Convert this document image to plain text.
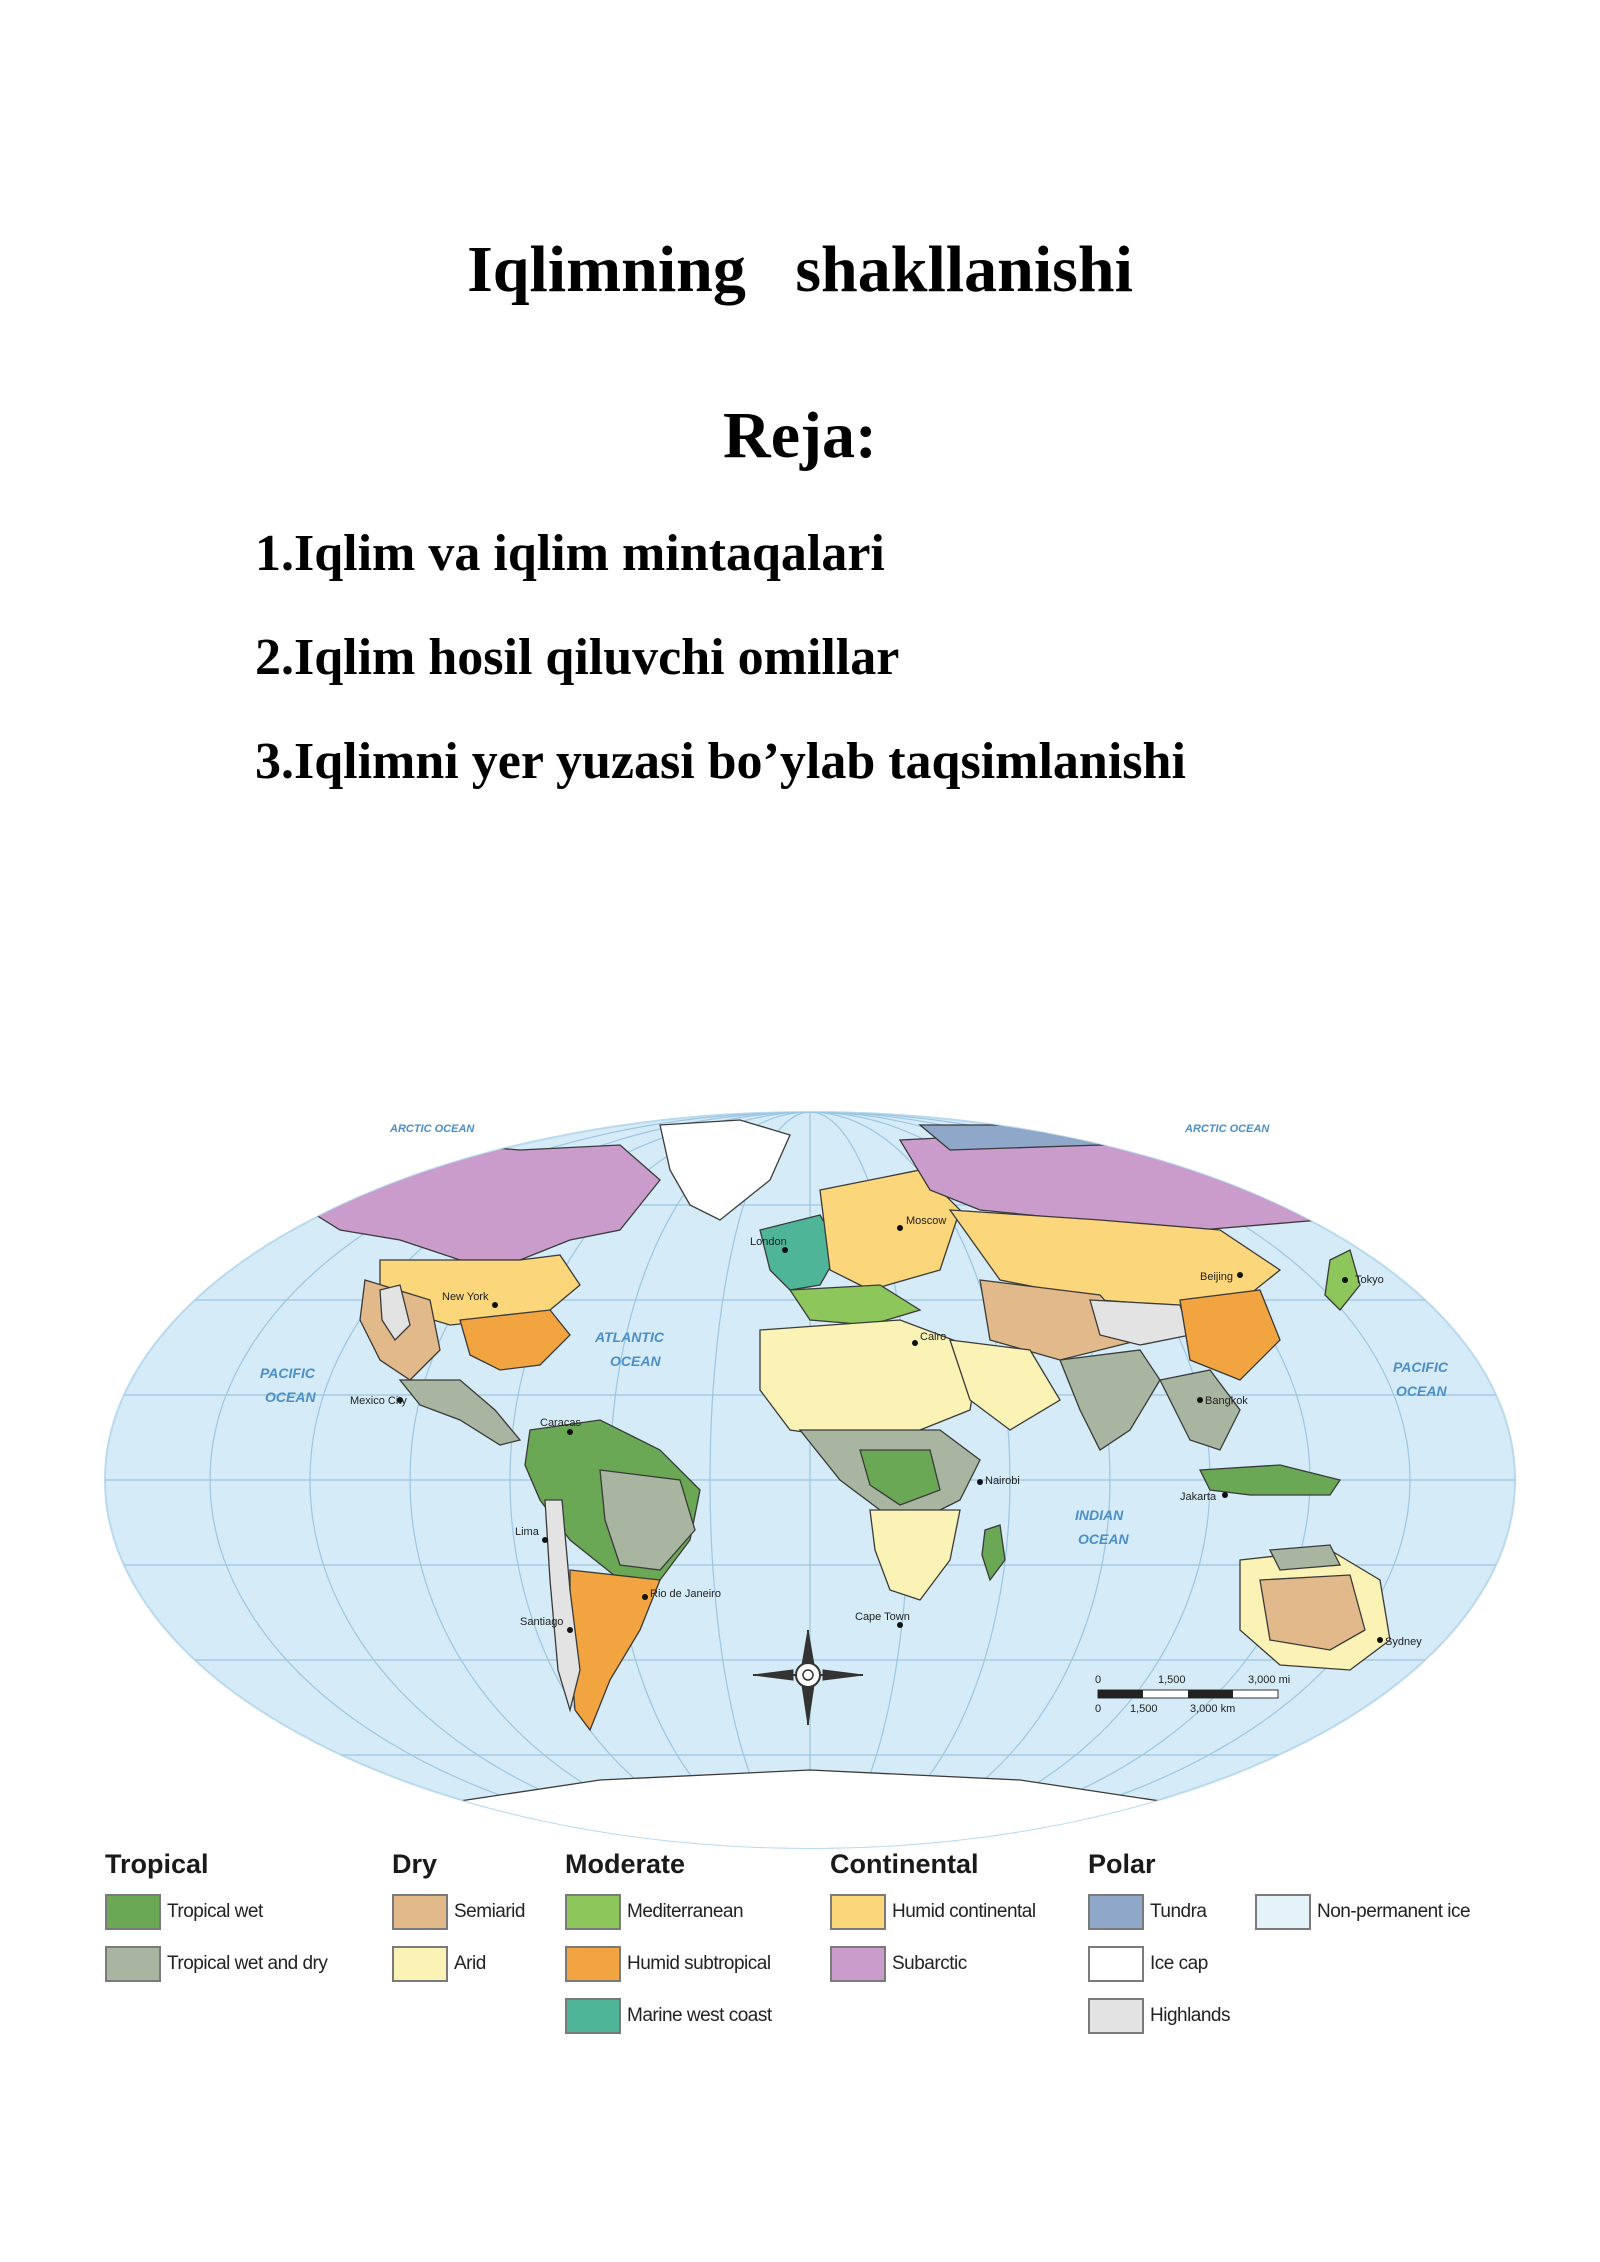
Iqlimning   shakllanishi
Reja:
1.Iqlim va iqlim mintaqalari
2.Iqlim hosil qiluvchi omillar
3.Iqlimni yer yuzasi bo’ylab taqsimlanishi
ARCTIC OCEAN	ARCTIC OCEAN
PACIFIC
OCEAN
PACIFIC
OCEAN
ATLANTIC
OCEAN
INDIAN
OCEAN
New York
Mexico City
Caracas
Lima
Rio de Janeiro
Santiago
London
Moscow
Cairo
Nairobi
Cape Town
Tokyo
Beijing
Jakarta
Sydney
Bangkok
0	1,500	3,000 mi
0	1,500	3,000 km
Tropical
Tropical wet
Tropical wet and dry
Dry
Semiarid
Arid
Moderate
Mediterranean
Humid subtropical
Marine west coast
Continental
Humid continental
Subarctic
Polar
Tundra
Ice cap
Highlands
Non-permanent ice
